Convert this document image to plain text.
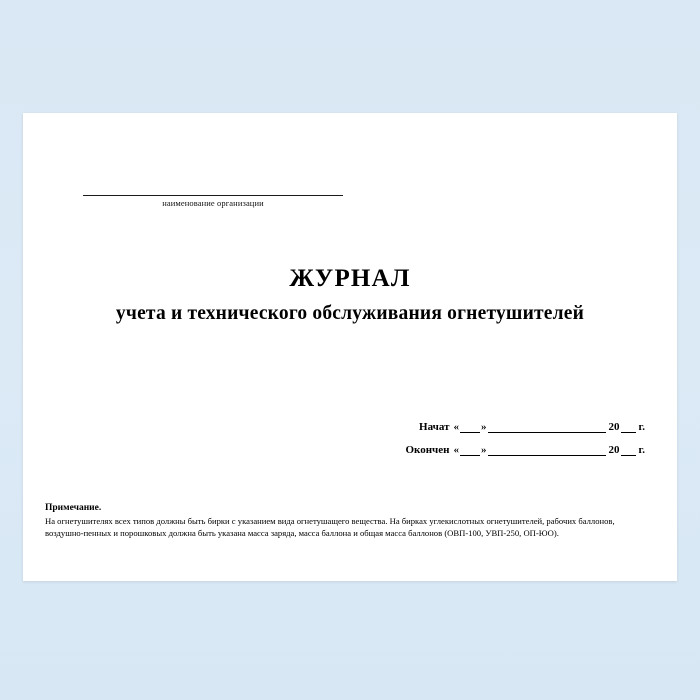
наименование организации
ЖУРНАЛ
учета и технического обслуживания огнетушителей
Начат « »	20 г.
Окончен « »	20 г.
Примечание.
На огнетушителях всех типов должны быть бирки с указанием вида огнетушащего вещества. На бирках углекислотных огнетушителей, рабочих баллонов,
воздушно-пенных и порошковых должна быть указана масса заряда, масса баллона и общая масса баллонов (ОВП-100, УВП-250, ОП-ЮО).
